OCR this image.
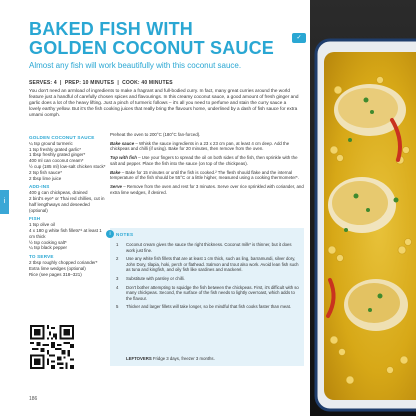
BAKED FISH WITH
GOLDEN COCONUT SAUCE	✓
Almost any fish will work beautifully with this coconut sauce.
SERVES: 4  |  PREP: 10 MINUTES  |  COOK: 40 MINUTES
You don't need an armload of ingredients to make a fragrant and full-bodied curry. In fact, many great curries around the world feature just a handful of carefully chosen spices and flavourings. In this creamy coconut sauce, a good amount of fresh ginger and garlic does a lot of the heavy lifting. Just a pinch of turmeric follows – it's all you need to perfume and stain the curry sauce a lovely earthy yellow. But it's the fish cooking juices that really bring the flavours home, underlined by a dash of fish sauce for extra umami oomph.
GOLDEN COCONUT SAUCE
¼ tsp ground turmeric
1 tsp freshly grated garlic*
1 tbsp freshly grated ginger*
400 ml can coconut cream*
½ cup (185 ml) low-salt chicken stock*
2 tsp fish sauce*
2 tbsp lime juice
ADD-INS
400 g can chickpeas, drained
2 bird's eye* or Thai red chillies, cut in half lengthways and deseeded (optional)
FISH
1 tsp olive oil
4 x 180 g white fish fillets*¹ at least 1 cm thick
½ tsp cooking salt*
¼ tsp black pepper
TO SERVE
2 tbsp roughly chopped coriander*
Extra lime wedges (optional)
Rice (see pages 318–321)
Preheat the oven to 200°C (180°C fan-forced).
Bake sauce – Whisk the sauce ingredients in a 23 x 23 cm pan, at least 4 cm deep. Add the chickpeas and chilli (if using). Bake for 20 minutes, then remove from the oven.
Top with fish – Use your fingers to spread the oil on both sides of the fish, then sprinkle with the salt and pepper. Place the fish into the sauce (on top of the chickpeas).
Bake – Bake for 15 minutes or until the fish is cooked.² The flesh should flake and the internal temperature of the fish should be 55°C or a little higher, measured using a cooking thermometer*.
Serve – Remove from the oven and rest for 3 minutes. Serve over rice sprinkled with coriander, and extra lime wedges, if desired.
i	NOTES
1	Coconut cream gives the sauce the right thickness. Coconut milk* is thinner, but it does work just fine.
2	Use any white fish fillets that are at least 1 cm thick, such as ling, barramundi, silver dory, John Dory, tilapia, hoki, perch or flathead. Salmon and trout also work. Avoid lean fish such as tuna and kingfish, and oily fish like sardines and mackerel.
3	Substitute with parsley or chilli.
4	Don't bother attempting to squidge the fish between the chickpeas. First, it's difficult with so many chickpeas. Second, the surface of the fish needs to lightly overroast, which adds to the flavour.
5	Thicker and larger fillets will take longer, so be mindful that fish cooks faster than meat.
LEFTOVERS Fridge 3 days, freezer 3 months.
i
186
